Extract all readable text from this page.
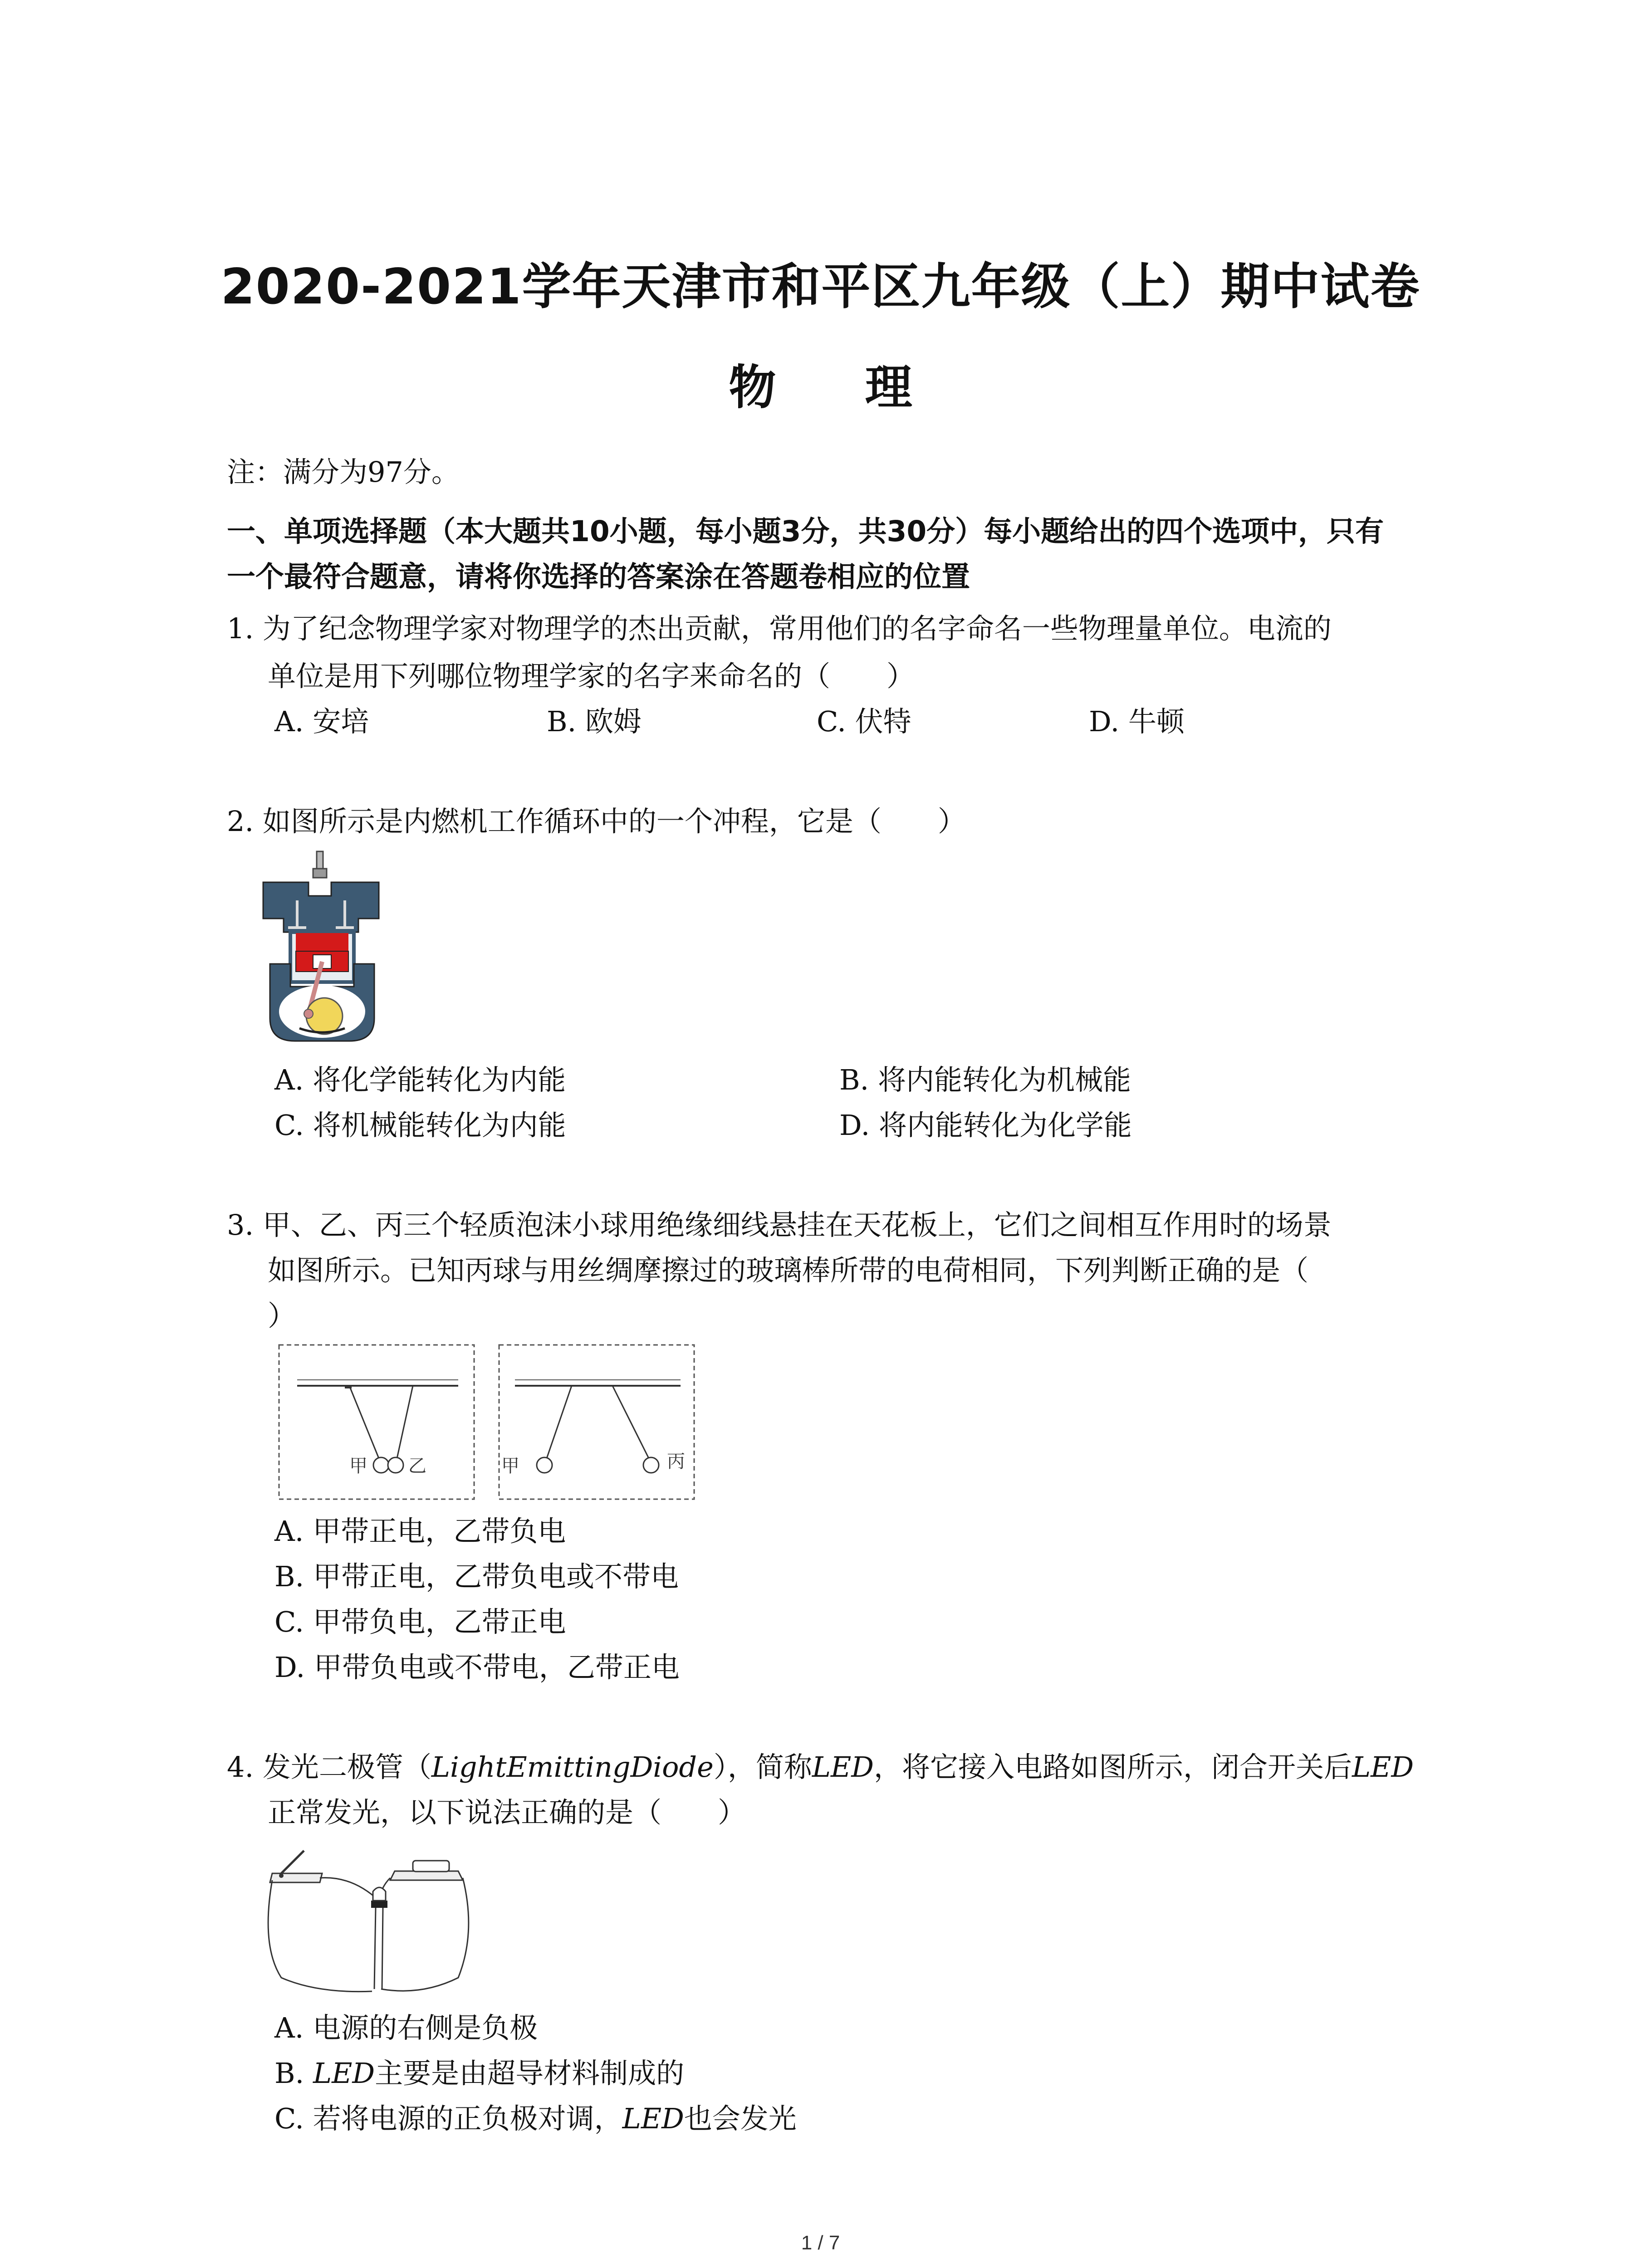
2020-2021学年天津市和平区九年级（上）期中试卷
物 理
注：满分为97分。
一、单项选择题（本大题共10小题，每小题3分，共30分）每小题给出的四个选项中，只有
一个最符合题意，请将你选择的答案涂在答题卷相应的位置
1. 为了纪念物理学家对物理学的杰出贡献，常用他们的名字命名一些物理量单位。电流的
单位是用下列哪位物理学家的名字来命名的（　　）
A. 安培	B. 欧姆	C. 伏特	D. 牛顿
2. 如图所示是内燃机工作循环中的一个冲程，它是（　　）
A. 将化学能转化为内能	B. 将内能转化为机械能
C. 将机械能转化为内能	D. 将内能转化为化学能
3. 甲、乙、丙三个轻质泡沫小球用绝缘细线悬挂在天花板上，它们之间相互作用时的场景
如图所示。已知丙球与用丝绸摩擦过的玻璃棒所带的电荷相同，下列判断正确的是（
）
甲 乙	甲	丙
A. 甲带正电，乙带负电
B. 甲带正电，乙带负电或不带电
C. 甲带负电，乙带正电
D. 甲带负电或不带电，乙带正电
4. 发光二极管（LightEmittingDiode），简称LED，将它接入电路如图所示，闭合开关后LED
正常发光，以下说法正确的是（　　）
A. 电源的右侧是负极
B. LED主要是由超导材料制成的
C. 若将电源的正负极对调，LED也会发光
1 / 7
